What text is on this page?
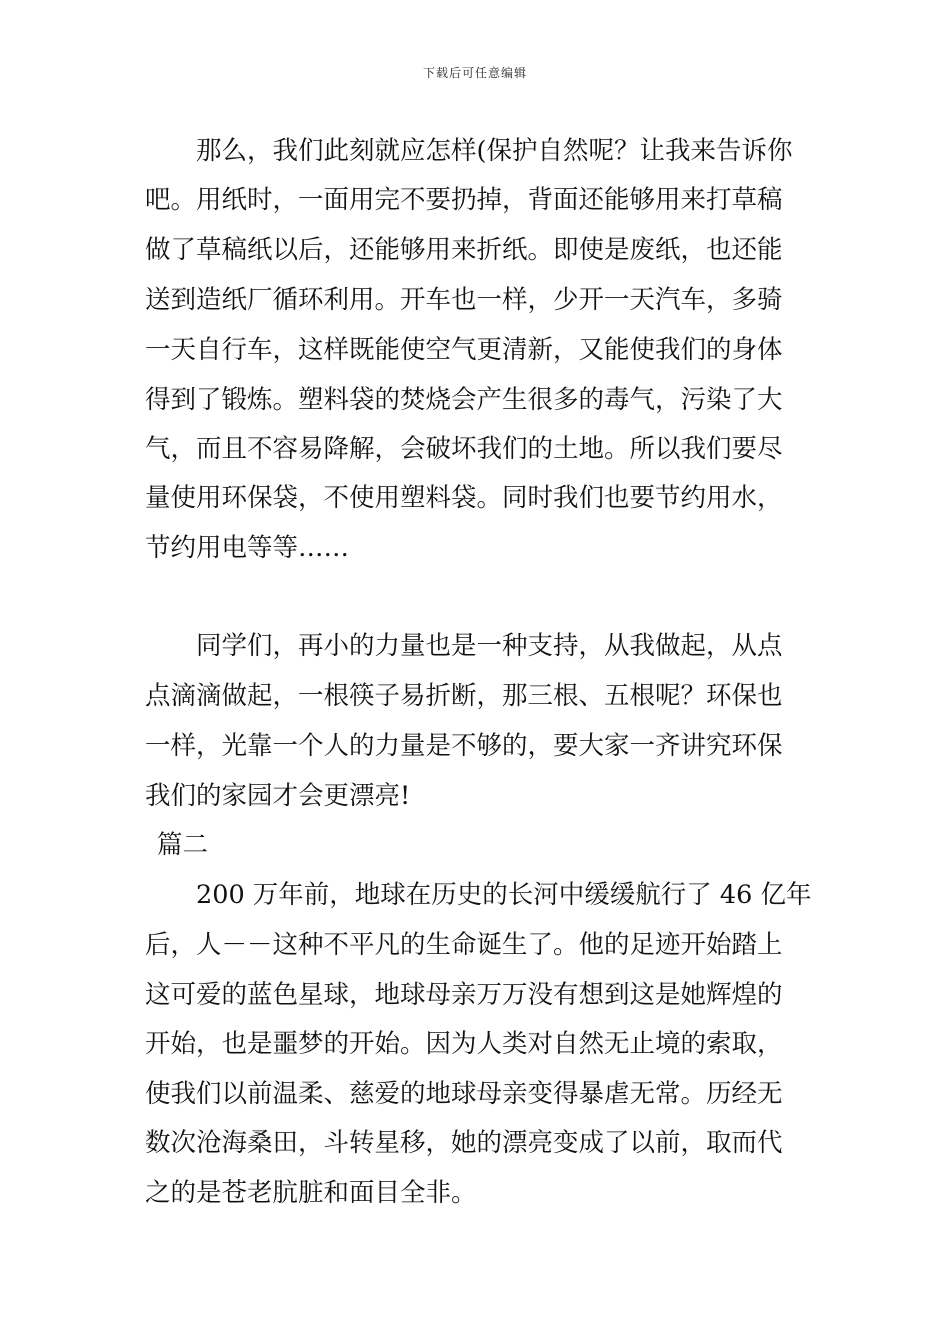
下载后可任意编辑
那么，我们此刻就应怎样(保护自然呢？让我来告诉你
吧。用纸时，一面用完不要扔掉，背面还能够用来打草稿
做了草稿纸以后，还能够用来折纸。即使是废纸，也还能
送到造纸厂循环利用。开车也一样，少开一天汽车，多骑
一天自行车，这样既能使空气更清新，又能使我们的身体
得到了锻炼。塑料袋的焚烧会产生很多的毒气，污染了大
气，而且不容易降解，会破坏我们的土地。所以我们要尽
量使用环保袋，不使用塑料袋。同时我们也要节约用水，
节约用电等等……
同学们，再小的力量也是一种支持，从我做起，从点
点滴滴做起，一根筷子易折断，那三根、五根呢？环保也
一样，光靠一个人的力量是不够的，要大家一齐讲究环保
我们的家园才会更漂亮!
篇二
200 万年前，地球在历史的长河中缓缓航行了 46 亿年
后，人－－这种不平凡的生命诞生了。他的足迹开始踏上
这可爱的蓝色星球，地球母亲万万没有想到这是她辉煌的
开始，也是噩梦的开始。因为人类对自然无止境的索取，
使我们以前温柔、慈爱的地球母亲变得暴虐无常。历经无
数次沧海桑田，斗转星移，她的漂亮变成了以前，取而代
之的是苍老肮脏和面目全非。
